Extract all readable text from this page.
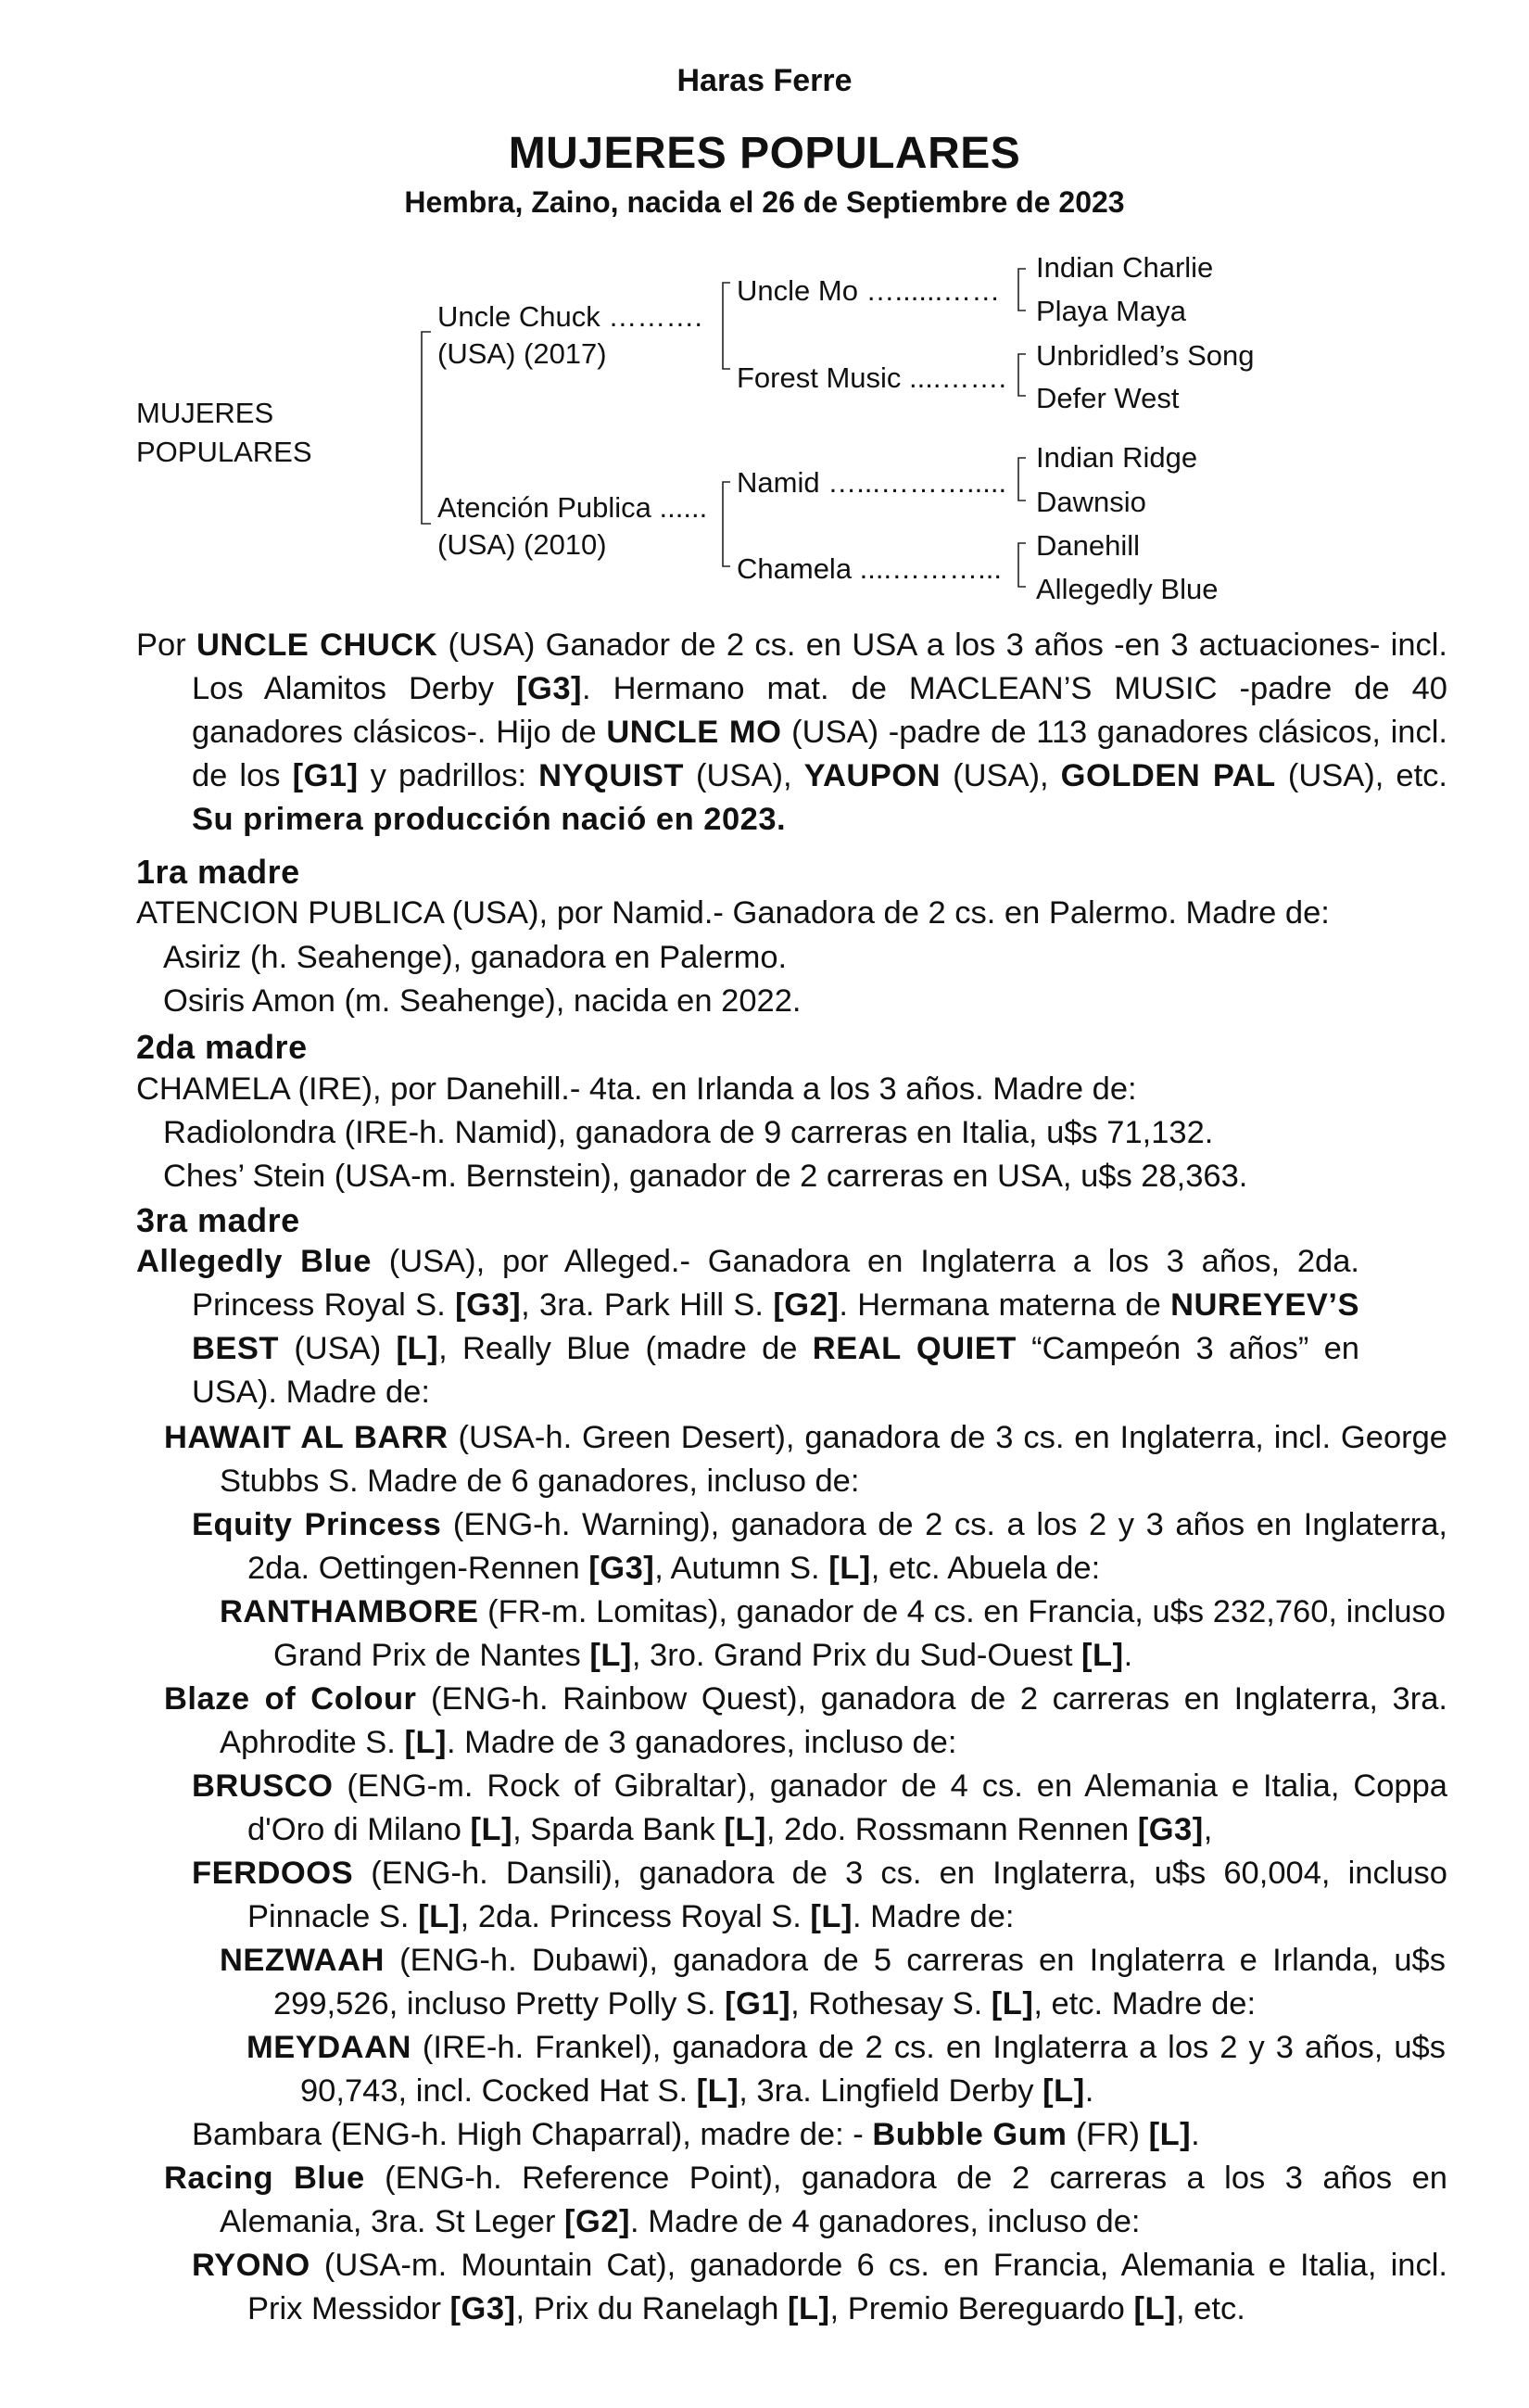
Haras Ferre
MUJERES POPULARES
Hembra, Zaino, nacida el 26 de Septiembre de 2023
MUJERES
POPULARES
Uncle Chuck ……….
(USA) (2017)
Atención Publica ......
(USA) (2010)
Uncle Mo …......……
Forest Music ....…….
Namid …...……….....
Chamela ....………...
Indian Charlie
Playa Maya
Unbridled’s Song
Defer West
Indian Ridge
Dawnsio
Danehill
Allegedly Blue
Por UNCLE CHUCK (USA) Ganador de 2 cs. en USA a los 3 años -en 3 actuaciones- incl. Los Alamitos Derby [G3]. Hermano mat. de MACLEAN’S MUSIC -padre de 40 ganadores clásicos-. Hijo de UNCLE MO (USA) -padre de 113 ganadores clásicos, incl. de los [G1] y padrillos: NYQUIST (USA), YAUPON (USA), GOLDEN PAL (USA), etc. Su primera producción nació en 2023.
1ra madre
ATENCION PUBLICA (USA), por Namid.- Ganadora de 2 cs. en Palermo. Madre de:
Asiriz (h. Seahenge), ganadora en Palermo.
Osiris Amon (m. Seahenge), nacida en 2022.
2da madre
CHAMELA (IRE), por Danehill.- 4ta. en Irlanda a los 3 años. Madre de:
Radiolondra (IRE-h. Namid), ganadora de 9 carreras en Italia, u$s 71,132.
Ches’ Stein (USA-m. Bernstein), ganador de 2 carreras en USA, u$s 28,363.
3ra madre
Allegedly Blue (USA), por Alleged.- Ganadora en Inglaterra a los 3 años, 2da. Princess Royal S. [G3], 3ra. Park Hill S. [G2]. Hermana materna de NUREYEV’S BEST (USA) [L], Really Blue (madre de REAL QUIET “Campeón 3 años” en USA). Madre de:
HAWAIT AL BARR (USA-h. Green Desert), ganadora de 3 cs. en Inglaterra, incl. George Stubbs S. Madre de 6 ganadores, incluso de:
Equity Princess (ENG-h. Warning), ganadora de 2 cs. a los 2 y 3 años en Inglaterra, 2da. Oettingen-Rennen [G3], Autumn S. [L], etc. Abuela de:
RANTHAMBORE (FR-m. Lomitas), ganador de 4 cs. en Francia, u$s 232,760, incluso Grand Prix de Nantes [L], 3ro. Grand Prix du Sud-Ouest [L].
Blaze of Colour (ENG-h. Rainbow Quest), ganadora de 2 carreras en Inglaterra, 3ra. Aphrodite S. [L]. Madre de 3 ganadores, incluso de:
BRUSCO (ENG-m. Rock of Gibraltar), ganador de 4 cs. en Alemania e Italia, Coppa d'Oro di Milano [L], Sparda Bank [L], 2do. Rossmann Rennen [G3],
FERDOOS (ENG-h. Dansili), ganadora de 3 cs. en Inglaterra, u$s 60,004, incluso Pinnacle S. [L], 2da. Princess Royal S. [L]. Madre de:
NEZWAAH (ENG-h. Dubawi), ganadora de 5 carreras en Inglaterra e Irlanda, u$s 299,526, incluso Pretty Polly S. [G1], Rothesay S. [L], etc. Madre de:
MEYDAAN (IRE-h. Frankel), ganadora de 2 cs. en Inglaterra a los 2 y 3 años, u$s 90,743, incl. Cocked Hat S. [L], 3ra. Lingfield Derby [L].
Bambara (ENG-h. High Chaparral), madre de: - Bubble Gum (FR) [L].
Racing Blue (ENG-h. Reference Point), ganadora de 2 carreras a los 3 años en Alemania, 3ra. St Leger [G2]. Madre de 4 ganadores, incluso de:
RYONO (USA-m. Mountain Cat), ganadorde 6 cs. en Francia, Alemania e Italia, incl. Prix Messidor [G3], Prix du Ranelagh [L], Premio Bereguardo [L], etc.
